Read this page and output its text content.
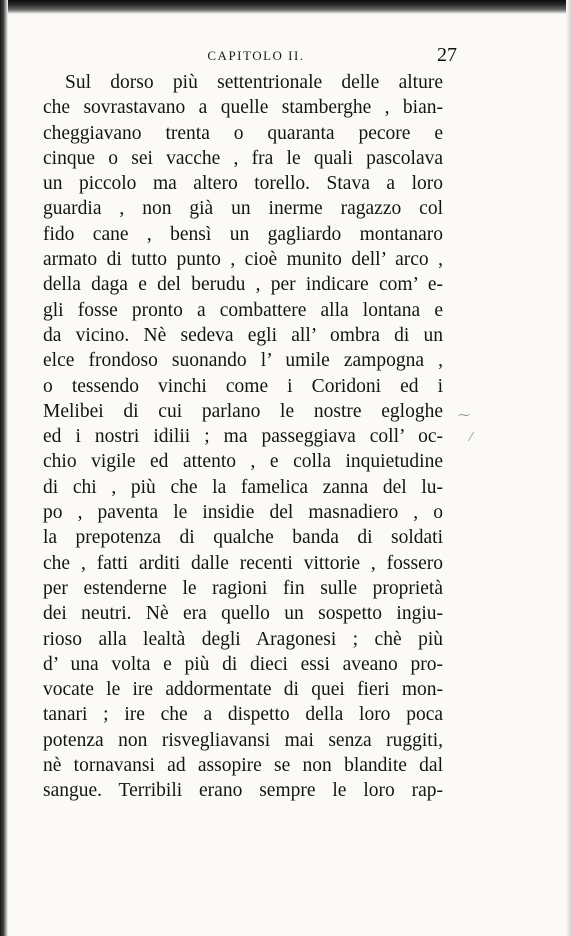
CAPITOLO II.	27
Sul dorso più settentrionale delle alture
che sovrastavano a quelle stamberghe , bian-
cheggiavano trenta o quaranta pecore e
cinque o sei vacche , fra le quali pascolava
un piccolo ma altero torello. Stava a loro
guardia , non già un inerme ragazzo col
fido cane , bensì un gagliardo montanaro
armato di tutto punto , cioè munito dell’ arco ,
della daga e del berudu , per indicare com’ e-
gli fosse pronto a combattere alla lontana e
da vicino. Nè sedeva egli all’ ombra di un
elce frondoso suonando l’ umile zampogna ,
o tessendo vinchi come i Coridoni ed i
Melibei di cui parlano le nostre egloghe
ed i nostri idilii ; ma passeggiava coll’ oc-
chio vigile ed attento , e colla inquietudine
di chi , più che la famelica zanna del lu-
po , paventa le insidie del masnadiero , o
la prepotenza di qualche banda di soldati
che , fatti arditi dalle recenti vittorie , fossero
per estenderne le ragioni fin sulle proprietà
dei neutri. Nè era quello un sospetto ingiu-
rioso alla lealtà degli Aragonesi ; chè più
d’ una volta e più di dieci essi aveano pro-
vocate le ire addormentate di quei fieri mon-
tanari ; ire che a dispetto della loro poca
potenza non risvegliavansi mai senza ruggiti,
nè tornavansi ad assopire se non blandite dal
sangue. Terribili erano sempre le loro rap-
⁓
⁄
